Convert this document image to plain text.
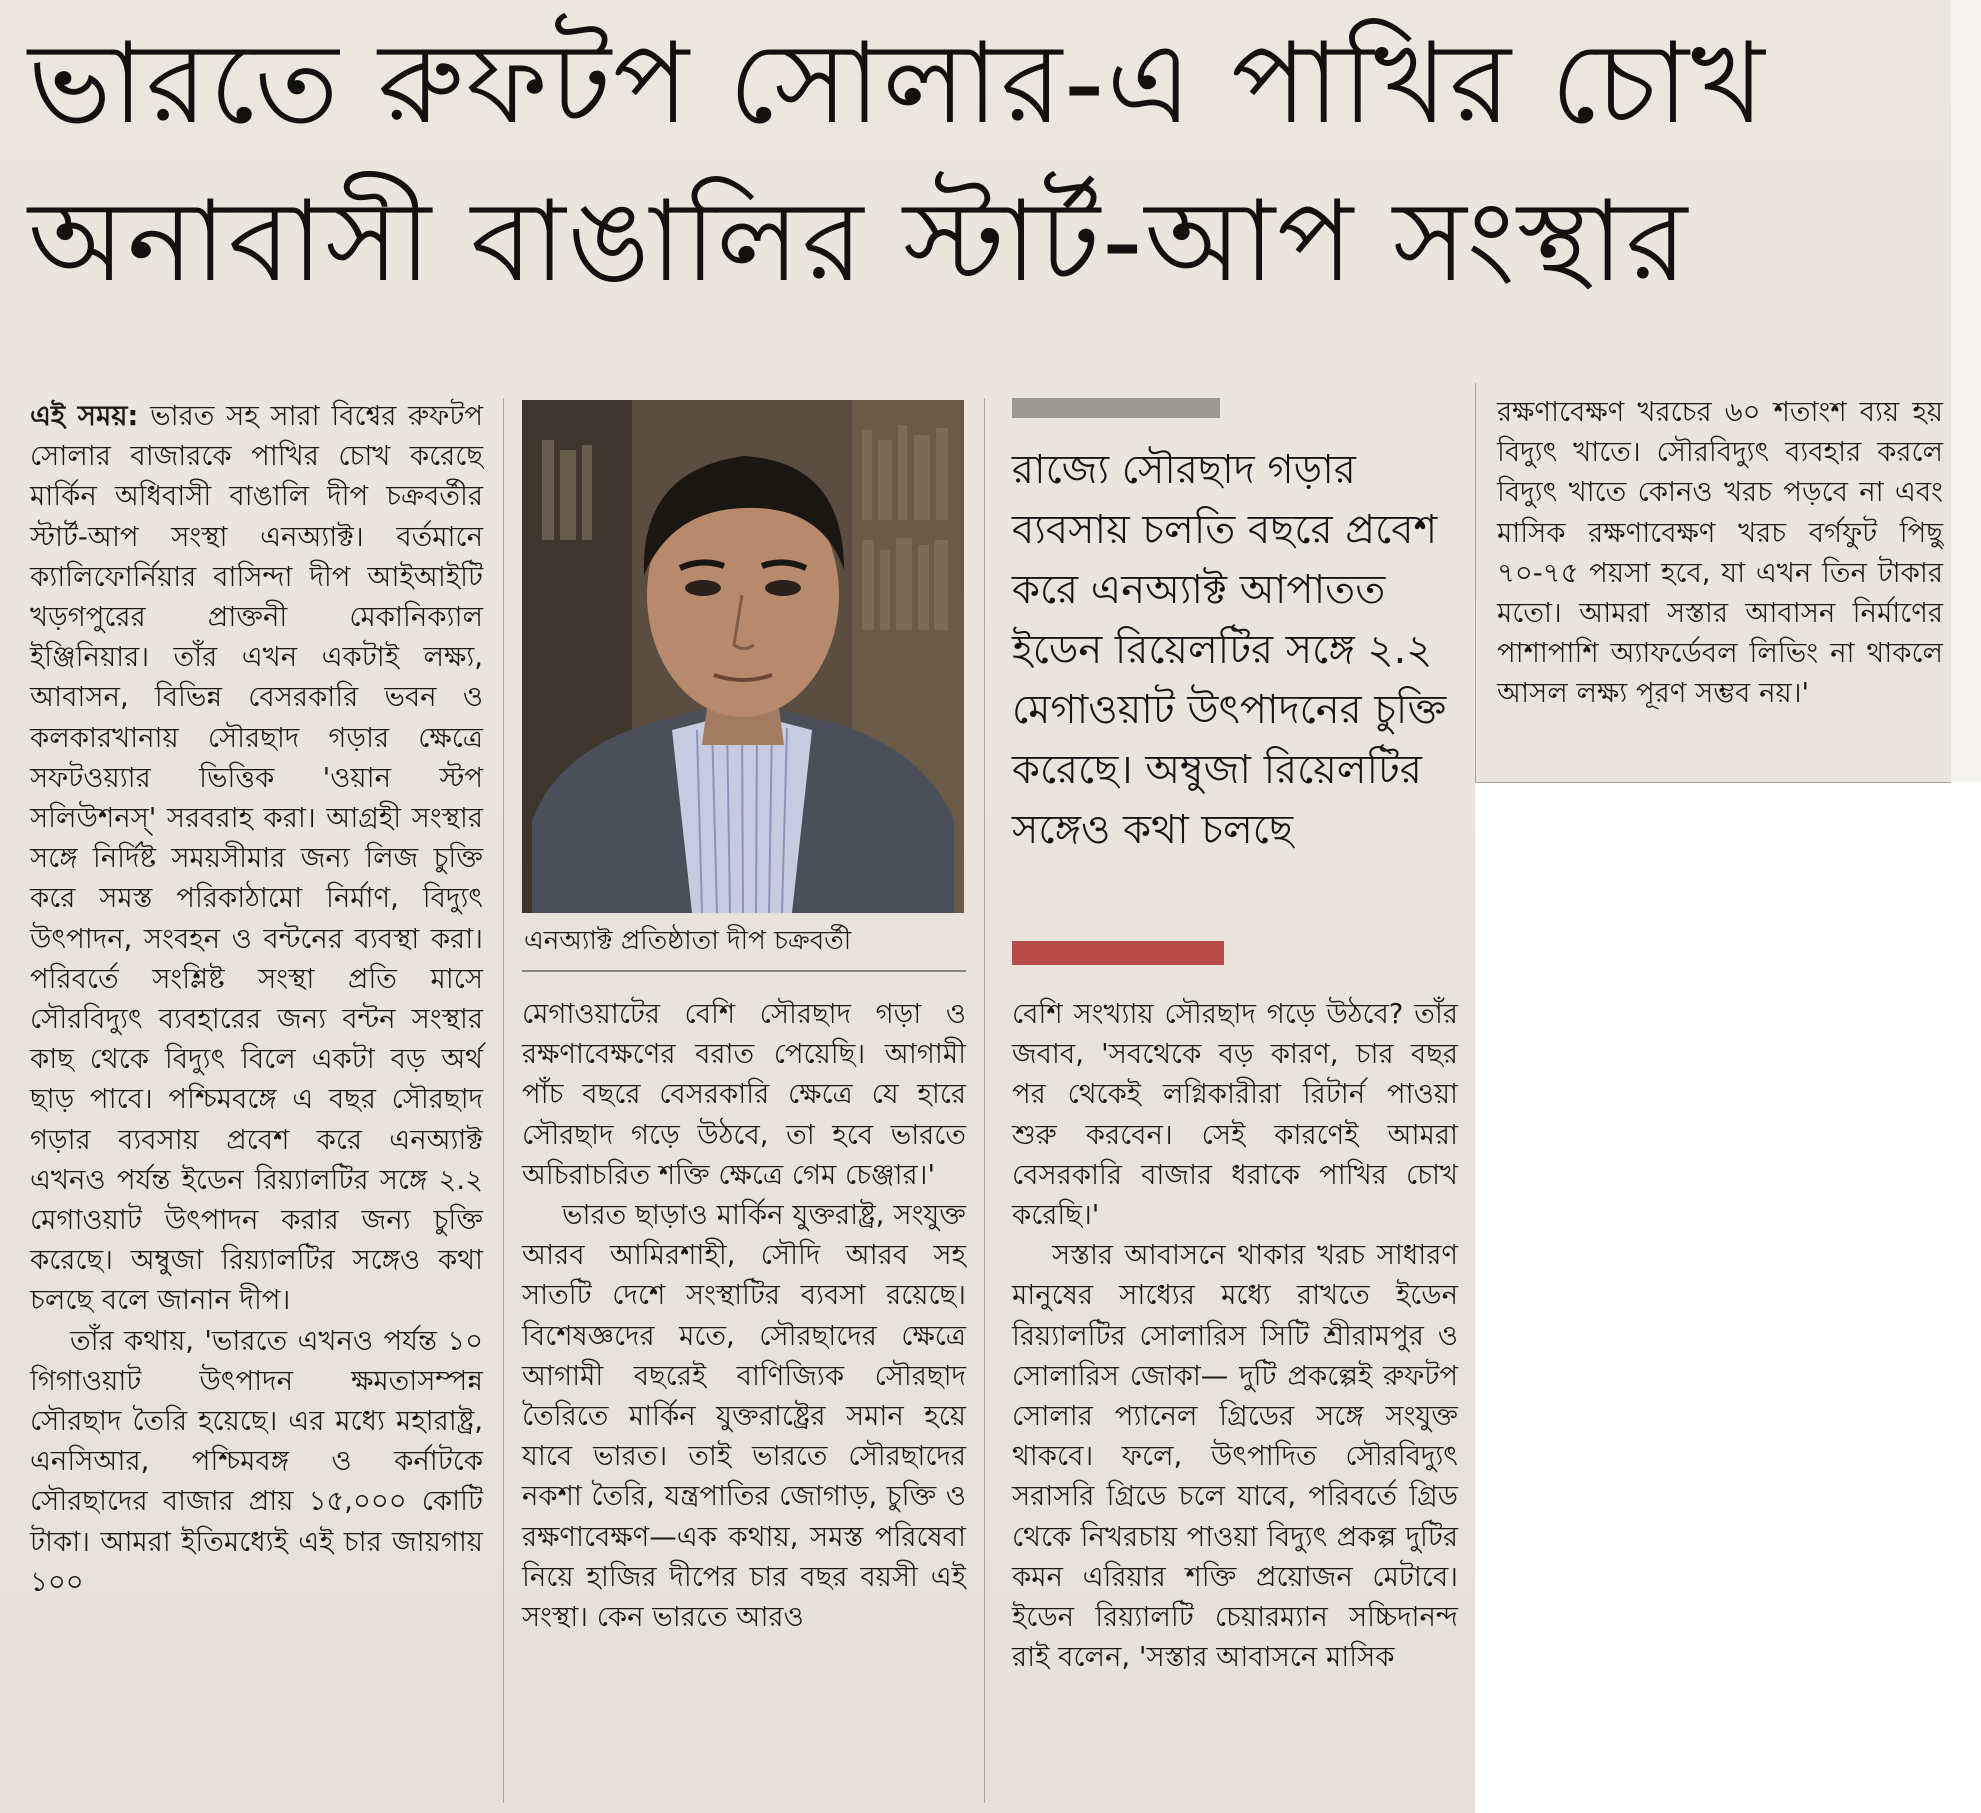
ভারতে রুফটপ সোলার-এ পাখির চোখ
অনাবাসী বাঙালির স্টার্ট-আপ সংস্থার

এই সময়: ভারত সহ সারা বিশ্বের রুফটপ সোলার বাজারকে পাখির চোখ করেছে মার্কিন অধিবাসী বাঙালি দীপ চক্রবর্তীর স্টার্ট-আপ সংস্থা এনঅ্যাক্ট। বর্তমানে ক্যালিফোর্নিয়ার বাসিন্দা দীপ আইআইটি খড়গপুরের প্রাক্তনী মেকানিক্যাল ইঞ্জিনিয়ার। তাঁর এখন একটাই লক্ষ্য, আবাসন, বিভিন্ন বেসরকারি ভবন ও কলকারখানায় সৌরছাদ গড়ার ক্ষেত্রে সফটওয়্যার ভিত্তিক 'ওয়ান স্টপ সলিউশনস্' সরবরাহ করা। আগ্রহী সংস্থার সঙ্গে নির্দিষ্ট সময়সীমার জন্য লিজ চুক্তি করে সমস্ত পরিকাঠামো নির্মাণ, বিদ্যুৎ উৎপাদন, সংবহন ও বন্টনের ব্যবস্থা করা। পরিবর্তে সংশ্লিষ্ট সংস্থা প্রতি মাসে সৌরবিদ্যুৎ ব্যবহারের জন্য বন্টন সংস্থার কাছ থেকে বিদ্যুৎ বিলে একটা বড় অর্থ ছাড় পাবে। পশ্চিমবঙ্গে এ বছর সৌরছাদ গড়ার ব্যবসায় প্রবেশ করে এনঅ্যাক্ট এখনও পর্যন্ত ইডেন রিয়্যালটির সঙ্গে ২.২ মেগাওয়াট উৎপাদন করার জন্য চুক্তি করেছে। অম্বুজা রিয়্যালটির সঙ্গেও কথা চলছে বলে জানান দীপ।

তাঁর কথায়, 'ভারতে এখনও পর্যন্ত ১০ গিগাওয়াট উৎপাদন ক্ষমতাসম্পন্ন সৌরছাদ তৈরি হয়েছে। এর মধ্যে মহারাষ্ট্র, এনসিআর, পশ্চিমবঙ্গ ও কর্নাটকে সৌরছাদের বাজার প্রায় ১৫,০০০ কোটি টাকা। আমরা ইতিমধ্যেই এই চার জায়গায় ১০০

এনঅ্যাক্ট প্রতিষ্ঠাতা দীপ চক্রবর্তী
রাজ্যে সৌরছাদ গড়ার ব্যবসায় চলতি বছরে প্রবেশ করে এনঅ্যাক্ট আপাতত ইডেন রিয়েলটির সঙ্গে ২.২ মেগাওয়াট উৎপাদনের চুক্তি করেছে। অম্বুজা রিয়েলটির সঙ্গেও কথা চলছে

মেগাওয়াটের বেশি সৌরছাদ গড়া ও রক্ষণাবেক্ষণের বরাত পেয়েছি। আগামী পাঁচ বছরে বেসরকারি ক্ষেত্রে যে হারে সৌরছাদ গড়ে উঠবে, তা হবে ভারতে অচিরাচরিত শক্তি ক্ষেত্রে গেম চেঞ্জার।'

ভারত ছাড়াও মার্কিন যুক্তরাষ্ট্র, সংযুক্ত আরব আমিরশাহী, সৌদি আরব সহ সাতটি দেশে সংস্থাটির ব্যবসা রয়েছে। বিশেষজ্ঞদের মতে, সৌরছাদের ক্ষেত্রে আগামী বছরেই বাণিজ্যিক সৌরছাদ তৈরিতে মার্কিন যুক্তরাষ্ট্রের সমান হয়ে যাবে ভারত। তাই ভারতে সৌরছাদের নকশা তৈরি, যন্ত্রপাতির জোগাড়, চুক্তি ও রক্ষণাবেক্ষণ—এক কথায়, সমস্ত পরিষেবা নিয়ে হাজির দীপের চার বছর বয়সী এই সংস্থা। কেন ভারতে আরও

বেশি সংখ্যায় সৌরছাদ গড়ে উঠবে? তাঁর জবাব, 'সবথেকে বড় কারণ, চার বছর পর থেকেই লগ্নিকারীরা রিটার্ন পাওয়া শুরু করবেন। সেই কারণেই আমরা বেসরকারি বাজার ধরাকে পাখির চোখ করেছি।'

সস্তার আবাসনে থাকার খরচ সাধারণ মানুষের সাধ্যের মধ্যে রাখতে ইডেন রিয়্যালটির সোলারিস সিটি শ্রীরামপুর ও সোলারিস জোকা— দুটি প্রকল্পেই রুফটপ সোলার প্যানেল গ্রিডের সঙ্গে সংযুক্ত থাকবে। ফলে, উৎপাদিত সৌরবিদ্যুৎ সরাসরি গ্রিডে চলে যাবে, পরিবর্তে গ্রিড থেকে নিখরচায় পাওয়া বিদ্যুৎ প্রকল্প দুটির কমন এরিয়ার শক্তি প্রয়োজন মেটাবে। ইডেন রিয়্যালটি চেয়ারম্যান সচ্চিদানন্দ রাই বলেন, 'সস্তার আবাসনে মাসিক

রক্ষণাবেক্ষণ খরচের ৬০ শতাংশ ব্যয় হয় বিদ্যুৎ খাতে। সৌরবিদ্যুৎ ব্যবহার করলে বিদ্যুৎ খাতে কোনও খরচ পড়বে না এবং মাসিক রক্ষণাবেক্ষণ খরচ বর্গফুট পিছু ৭০-৭৫ পয়সা হবে, যা এখন তিন টাকার মতো। আমরা সস্তার আবাসন নির্মাণের পাশাপাশি অ্যাফর্ডেবল লিভিং না থাকলে আসল লক্ষ্য পূরণ সম্ভব নয়।'
